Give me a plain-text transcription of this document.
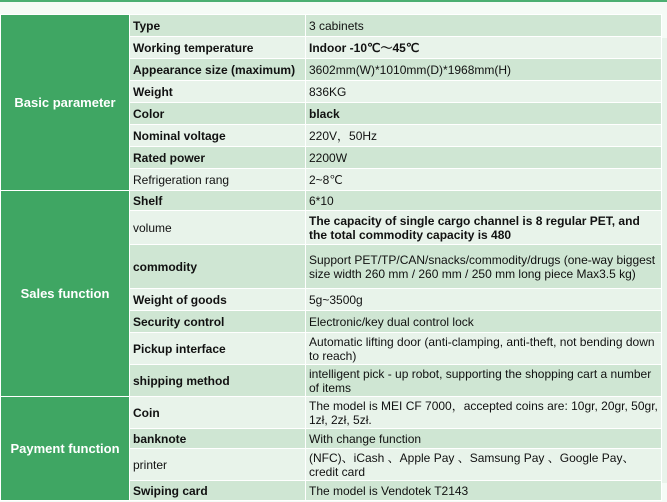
Basic parameter	Type	3 cabinets
	Working temperature	Indoor -10℃～45℃
	Appearance size (maximum)	3602mm(W)*1010mm(D)*1968mm(H)
	Weight	836KG
	Color	black
	Nominal voltage	220V，50Hz
	Rated power	2200W
	Refrigeration rang	2~8℃
Sales function	Shelf	6*10
	volume	The capacity of single cargo channel is 8 regular PET, and the total commodity capacity is 480
	commodity	Support PET/TP/CAN/snacks/commodity/drugs (one-way biggest size width 260 mm / 260 mm / 250 mm long piece Max3.5 kg)
	Weight of goods	5g~3500g
	Security control	Electronic/key dual control lock
	Pickup interface	Automatic lifting door (anti-clamping, anti-theft, not bending down to reach)
	shipping method	intelligent pick - up robot, supporting the shopping cart a number of items
Payment function	Coin	The model is MEI CF 7000，accepted coins are: 10gr, 20gr, 50gr, 1zł, 2zł, 5zł.
	banknote	With change function
	printer	(NFC)、iCash 、Apple Pay 、Samsung Pay 、Google Pay、credit card
	Swiping card	The model is Vendotek T2143
